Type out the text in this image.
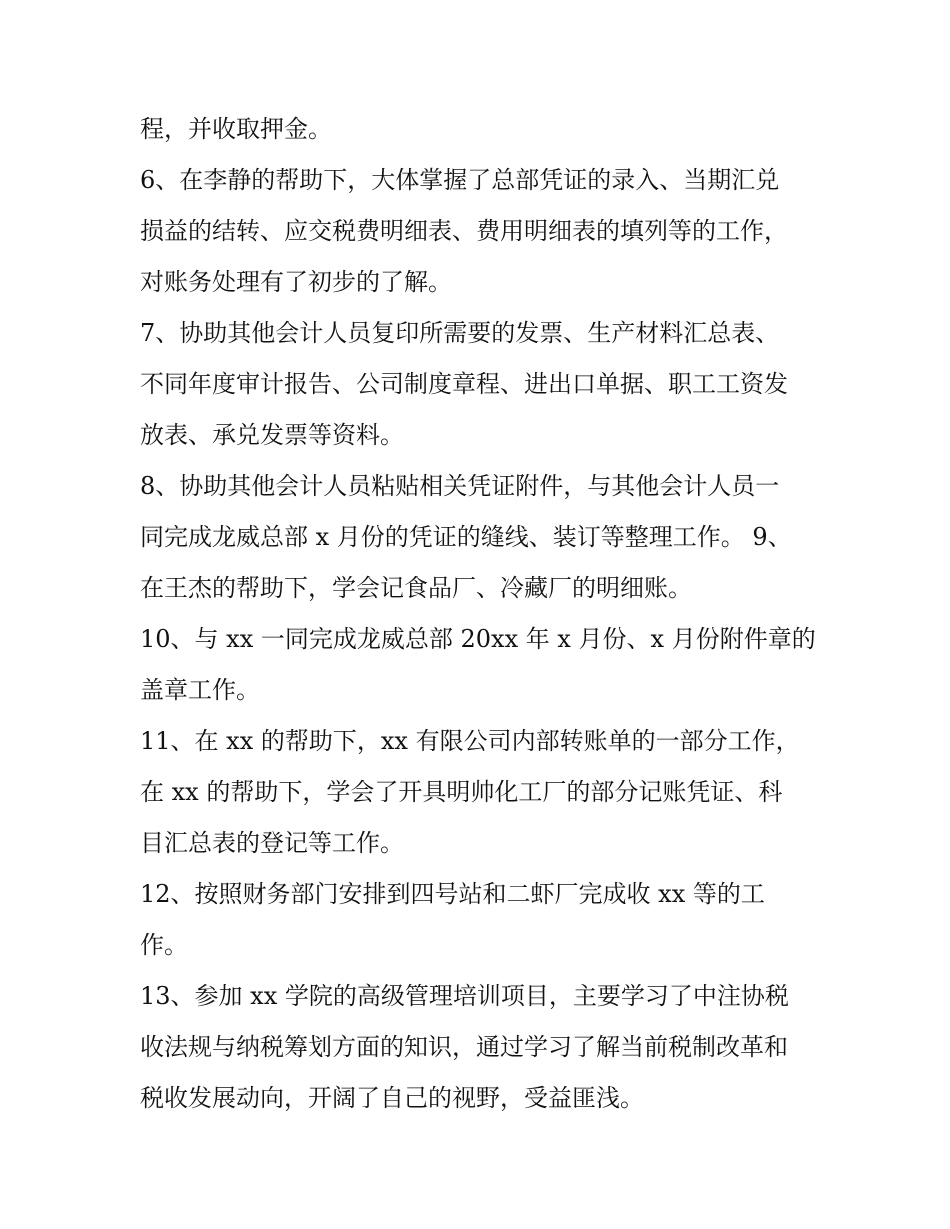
程，并收取押金。
6、在李静的帮助下，大体掌握了总部凭证的录入、当期汇兑
损益的结转、应交税费明细表、费用明细表的填列等的工作，
对账务处理有了初步的了解。
7、协助其他会计人员复印所需要的发票、生产材料汇总表、
不同年度审计报告、公司制度章程、进出口单据、职工工资发
放表、承兑发票等资料。
8、协助其他会计人员粘贴相关凭证附件，与其他会计人员一
同完成龙威总部 x 月份的凭证的缝线、装订等整理工作。 9、
在王杰的帮助下，学会记食品厂、冷藏厂的明细账。
10、与 xx 一同完成龙威总部 20xx 年 x 月份、x 月份附件章的
盖章工作。
11、在 xx 的帮助下，xx 有限公司内部转账单的一部分工作，
在 xx 的帮助下，学会了开具明帅化工厂的部分记账凭证、科
目汇总表的登记等工作。
12、按照财务部门安排到四号站和二虾厂完成收 xx 等的工
作。
13、参加 xx 学院的高级管理培训项目，主要学习了中注协税
收法规与纳税筹划方面的知识，通过学习了解当前税制改革和
税收发展动向，开阔了自己的视野，受益匪浅。
